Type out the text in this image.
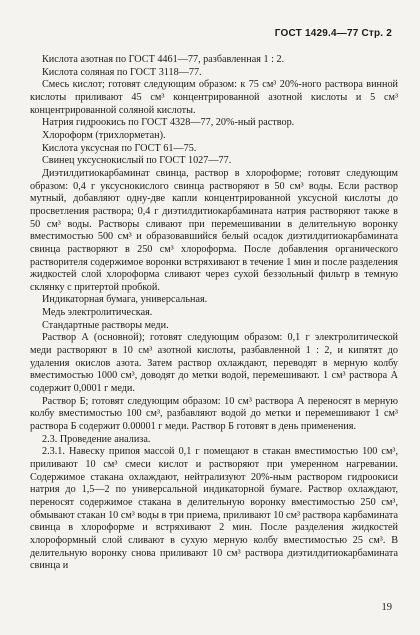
ГОСТ 1429.4—77 Стр. 2

Кислота азотная по ГОСТ 4461—77, разбавленная 1 : 2.

Кислота соляная по ГОСТ 3118—77.

Смесь кислот; готовят следующим образом: к 75 см³ 20%-ного раствора винной кислоты приливают 45 см³ концентрированной азотной кислоты и 5 см³ концентрированной соляной кислоты.

Натрия гидроокись по ГОСТ 4328—77, 20%-ный раствор.

Хлороформ (трихлорметан).

Кислота уксусная по ГОСТ 61—75.

Свинец уксуснокислый по ГОСТ 1027—77.

Диэтилдитиокарбаминат свинца, раствор в хлороформе; готовят следующим образом: 0,4 г уксуснокислого свинца растворяют в 50 см³ воды. Если раствор мутный, добавляют одну-две капли концентрированной уксусной кислоты до просветления раствора; 0,4 г диэтилдитиокарбамината натрия растворяют также в 50 см³ воды. Растворы сливают при перемешивании в делительную воронку вместимостью 500 см³ и образовавшийся белый осадок диэтилдитиокарбамината свинца растворяют в 250 см³ хлороформа. После добавления органического растворителя содержимое воронки встряхивают в течение 1 мин и после разделения жидкостей слой хлороформа сливают через сухой беззольный фильтр в темную склянку с притертой пробкой.

Индикаторная бумага, универсальная.

Медь электролитическая.

Стандартные растворы меди.

Раствор А (основной); готовят следующим образом: 0,1 г электролитической меди растворяют в 10 см³ азотной кислоты, разбавленной 1 : 2, и кипятят до удаления окислов азота. Затем раствор охлаждают, переводят в мерную колбу вместимостью 1000 см³, доводят до метки водой, перемешивают. 1 см³ раствора А содержит 0,0001 г меди.

Раствор Б; готовят следующим образом: 10 см³ раствора А переносят в мерную колбу вместимостью 100 см³, разбавляют водой до метки и перемешивают 1 см³ раствора Б содержит 0.00001 г меди. Раствор Б готовят в день применения.

2.3. Проведение анализа.

2.3.1. Навеску припоя массой 0,1 г помещают в стакан вместимостью 100 см³, приливают 10 см³ смеси кислот и растворяют при умеренном нагревании. Содержимое стакана охлаждают, нейтрализуют 20%-ным раствором гидроокиси натрия до 1,5—2 по универсальной индикаторной бумаге. Раствор охлаждают, переносят содержимое стакана в делительную воронку вместимостью 250 см³, обмывают стакан 10 см³ воды в три приема, приливают 10 см³ раствора карбамината свинца в хлороформе и встряхивают 2 мин. После разделения жидкостей хлороформный слой сливают в сухую мерную колбу вместимостью 25 см³. В делительную воронку снова приливают 10 см³ раствора диэтилдитиокарбамината свинца и

19
